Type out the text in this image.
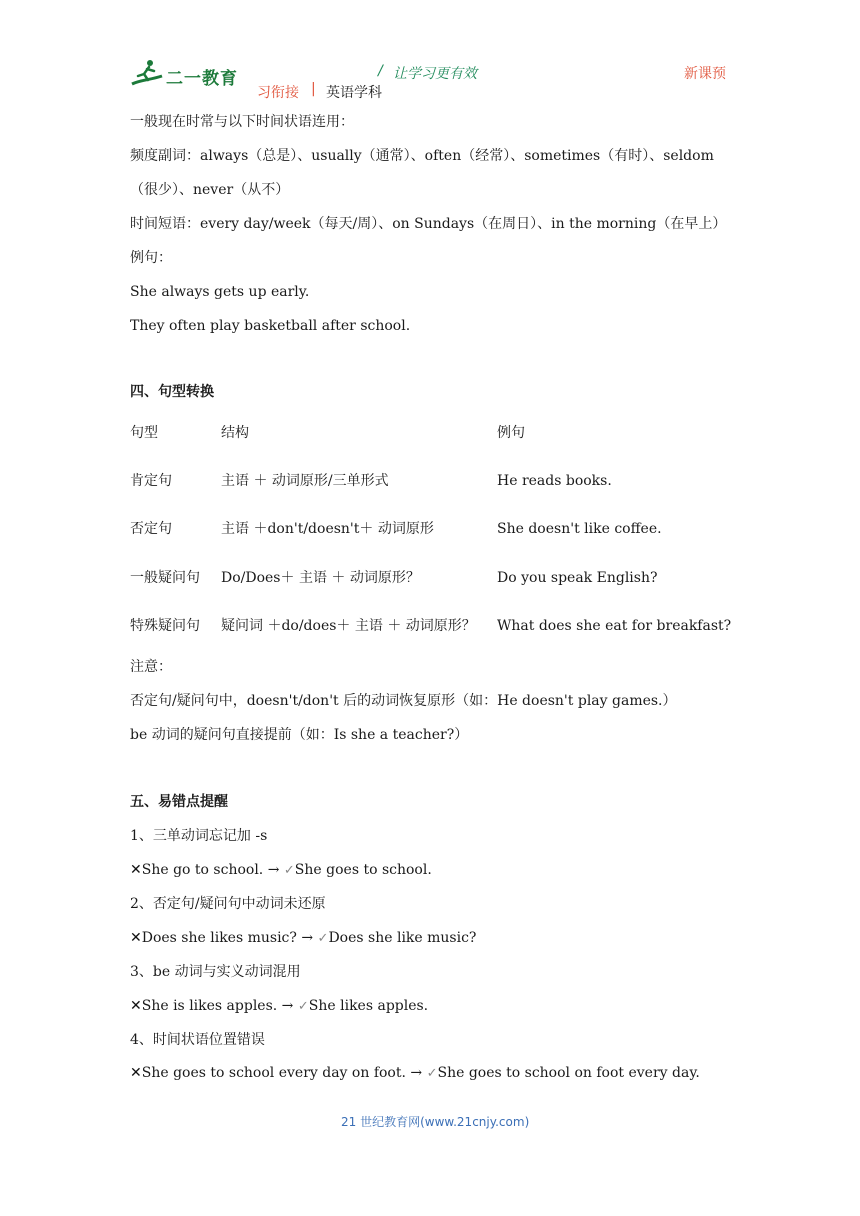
二一教育	/ 让学习更有效	新课预
习衔接 | 英语学科
一般现在时常与以下时间状语连用：
频度副词：always（总是）、usually（通常）、often（经常）、sometimes（有时）、seldom
（很少）、never（从不）
时间短语：every day/week（每天/周）、on Sundays（在周日）、in the morning（在早上）
例句：
She always gets up early.
They often play basketball after school.
四、句型转换
句型	结构	例句
肯定句	主语 ＋ 动词原形/三单形式	He reads books.
否定句	主语 ＋don't/doesn't＋ 动词原形	She doesn't like coffee.
一般疑问句 Do/Does＋ 主语 ＋ 动词原形？	Do you speak English?
特殊疑问句 疑问词 ＋do/does＋ 主语 ＋ 动词原形？ What does she eat for breakfast?
注意：
否定句/疑问句中，doesn't/don't 后的动词恢复原形（如：He doesn't play games.）
be 动词的疑问句直接提前（如：Is she a teacher?）
五、易错点提醒
1、三单动词忘记加 -s
✕She go to school. → ✓She goes to school.
2、否定句/疑问句中动词未还原
✕Does she likes music? → ✓Does she like music?
3、be 动词与实义动词混用
✕She is likes apples. → ✓She likes apples.
4、时间状语位置错误
✕She goes to school every day on foot. → ✓She goes to school on foot every day.
21 世纪教育网(www.21cnjy.com)
